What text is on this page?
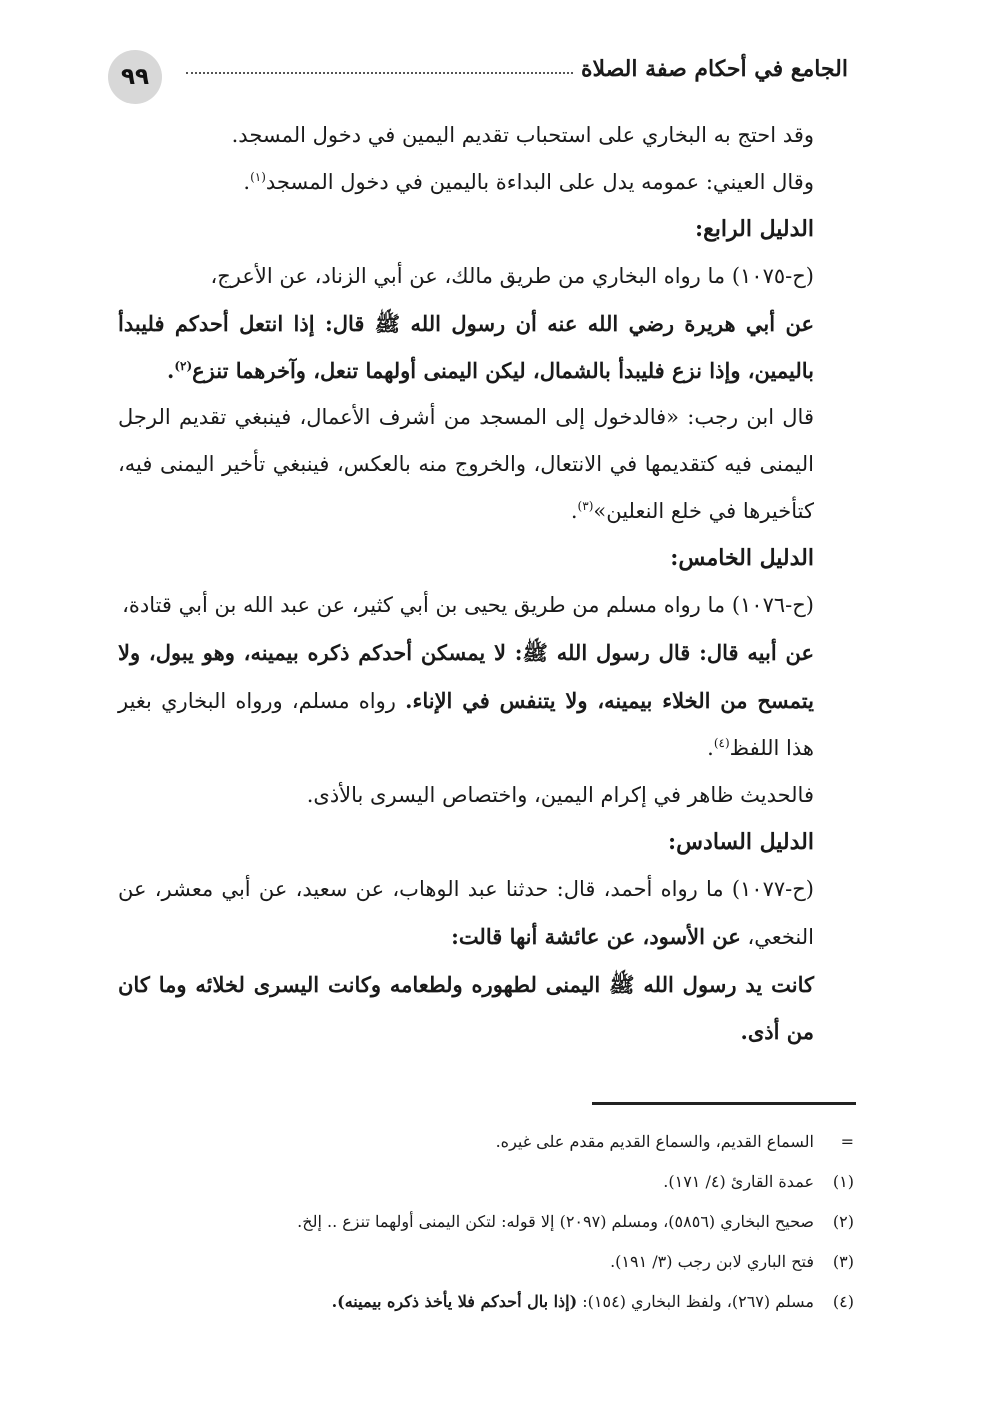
٩٩	الجامع في أحكام صفة الصلاة

وقد احتج به البخاري على استحباب تقديم اليمين في دخول المسجد.

وقال العيني: عمومه يدل على البداءة باليمين في دخول المسجد$^{(١)}$.

الدليل الرابع:

(ح-١٠٧٥) ما رواه البخاري من طريق مالك، عن أبي الزناد، عن الأعرج،

عن أبي هريرة رضي الله عنه أن رسول الله ﷺ قال: إذا انتعل أحدكم فليبدأ باليمين، وإذا نزع فليبدأ بالشمال، ليكن اليمنى أولهما تنعل، وآخرهما تنزع$^{(٢)}$.

قال ابن رجب: «فالدخول إلى المسجد من أشرف الأعمال، فينبغي تقديم الرجل اليمنى فيه كتقديمها في الانتعال، والخروج منه بالعكس، فينبغي تأخير اليمنى فيه، كتأخيرها في خلع النعلين»$^{(٣)}$.

الدليل الخامس:

(ح-١٠٧٦) ما رواه مسلم من طريق يحيى بن أبي كثير، عن عبد الله بن أبي قتادة،

عن أبيه قال: قال رسول الله ﷺ: لا يمسكن أحدكم ذكره بيمينه، وهو يبول، ولا يتمسح من الخلاء بيمينه، ولا يتنفس في الإناء. رواه مسلم، ورواه البخاري بغير هذا اللفظ$^{(٤)}$.

فالحديث ظاهر في إكرام اليمين، واختصاص اليسرى بالأذى.

الدليل السادس:

(ح-١٠٧٧) ما رواه أحمد، قال: حدثنا عبد الوهاب، عن سعيد، عن أبي معشر، عن النخعي، عن الأسود، عن عائشة أنها قالت:

كانت يد رسول الله ﷺ اليمنى لطهوره ولطعامه وكانت اليسرى لخلائه وما كان من أذى.

=
السماع القديم، والسماع القديم مقدم على غيره.

(١)
عمدة القارئ (٤/ ١٧١).

(٢)
صحيح البخاري (٥٨٥٦)، ومسلم (٢٠٩٧) إلا قوله: لتكن اليمنى أولهما تنزع .. إلخ.

(٣)
فتح الباري لابن رجب (٣/ ١٩١).

(٤)
مسلم (٢٦٧)، ولفظ البخاري (١٥٤): (إذا بال أحدكم فلا يأخذ ذكره بيمينه).
